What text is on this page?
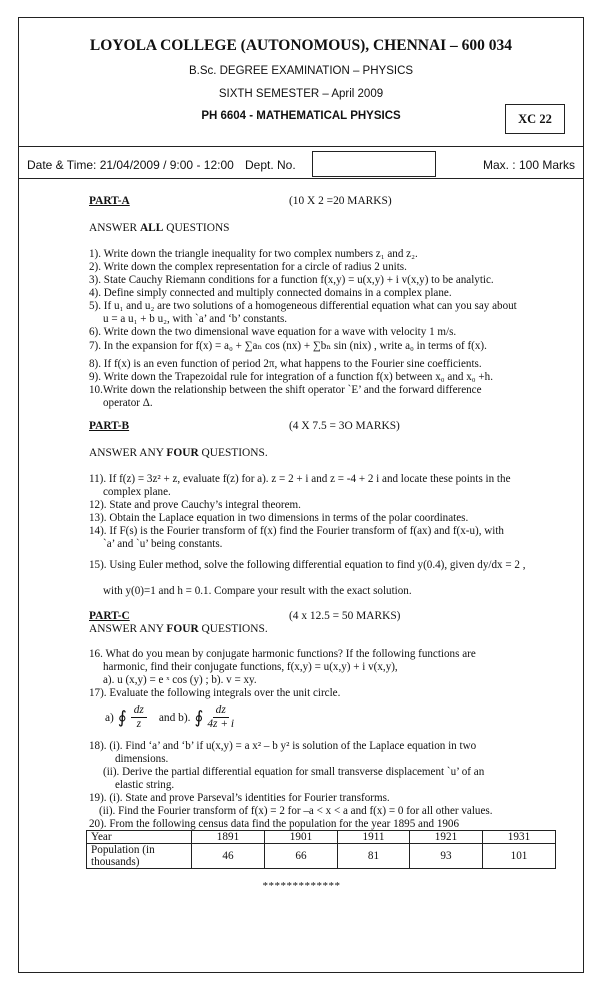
LOYOLA COLLEGE (AUTONOMOUS), CHENNAI – 600 034
B.Sc. DEGREE EXAMINATION – PHYSICS
SIXTH SEMESTER – April 2009
PH 6604 - MATHEMATICAL PHYSICS	XC 22
Date & Time: 21/04/2009 / 9:00 - 12:00 Dept. No.	Max. : 100 Marks
PART-A	(10 X 2 =20 MARKS)
ANSWER ALL QUESTIONS
1). Write down the triangle inequality for two complex numbers z₁ and z₂.
2). Write down the complex representation for a circle of radius 2 units.
3). State Cauchy Riemann conditions for a function f(x,y) = u(x,y) + i v(x,y) to be analytic.
4). Define simply connected and multiply connected domains in a complex plane.
5). If u₁ and u₂ are two solutions of a homogeneous differential equation what can you say about
u = a u₁ + b u₂, with `a’ and ‘b’ constants.
6). Write down the two dimensional wave equation for a wave with velocity 1 m/s.
7). In the expansion for f(x) = a₀ + ∑aₙ cos (nx) + ∑bₙ sin (nix) , write a₀ in terms of f(x).
8). If f(x) is an even function of period 2π, what happens to the Fourier sine coefficients.
9). Write down the Trapezoidal rule for integration of a function f(x) between x₀ and x₀ +h.
10.Write down the relationship between the shift operator `E’ and the forward difference
operator Δ.
PART-B	(4 X 7.5 = 3O MARKS)
ANSWER ANY FOUR QUESTIONS.
11). If f(z) = 3z² + z, evaluate f(z) for a). z = 2 + i and z = -4 + 2 i and locate these points in the
complex plane.
12). State and prove Cauchy’s integral theorem.
13). Obtain the Laplace equation in two dimensions in terms of the polar coordinates.
14). If F(s) is the Fourier transform of f(x) find the Fourier transform of f(ax) and f(x-u), with
`a’ and `u’ being constants.
15). Using Euler method, solve the following differential equation to find y(0.4), given dy/dx = 2 ,
with y(0)=1 and h = 0.1. Compare your result with the exact solution.
PART-C	(4 x 12.5 = 50 MARKS)
ANSWER ANY FOUR QUESTIONS.
16. What do you mean by conjugate harmonic functions? If the following functions are
harmonic, find their conjugate functions, f(x,y) = u(x,y) + i v(x,y),
a). u (x,y) = e ˣ cos (y) ; b). v = xy.
17). Evaluate the following integrals over the unit circle.
a) ∮ $\frac{dz}{z}$ and b). ∮ $\frac{dz}{4z + i}$
18). (i). Find ‘a’ and ‘b’ if u(x,y) = a x² – b y² is solution of the Laplace equation in two
dimensions.
(ii). Derive the partial differential equation for small transverse displacement `u’ of an
elastic string.
19). (i). State and prove Parseval’s identities for Fourier transforms.
(ii). Find the Fourier transform of f(x) = 2 for –a < x < a and f(x) = 0 for all other values.
20). From the following census data find the population for the year 1895 and 1906
Year	1891	1901	1911	1921	1931
Population (in thousands)	46	66	81	93	101
*************
